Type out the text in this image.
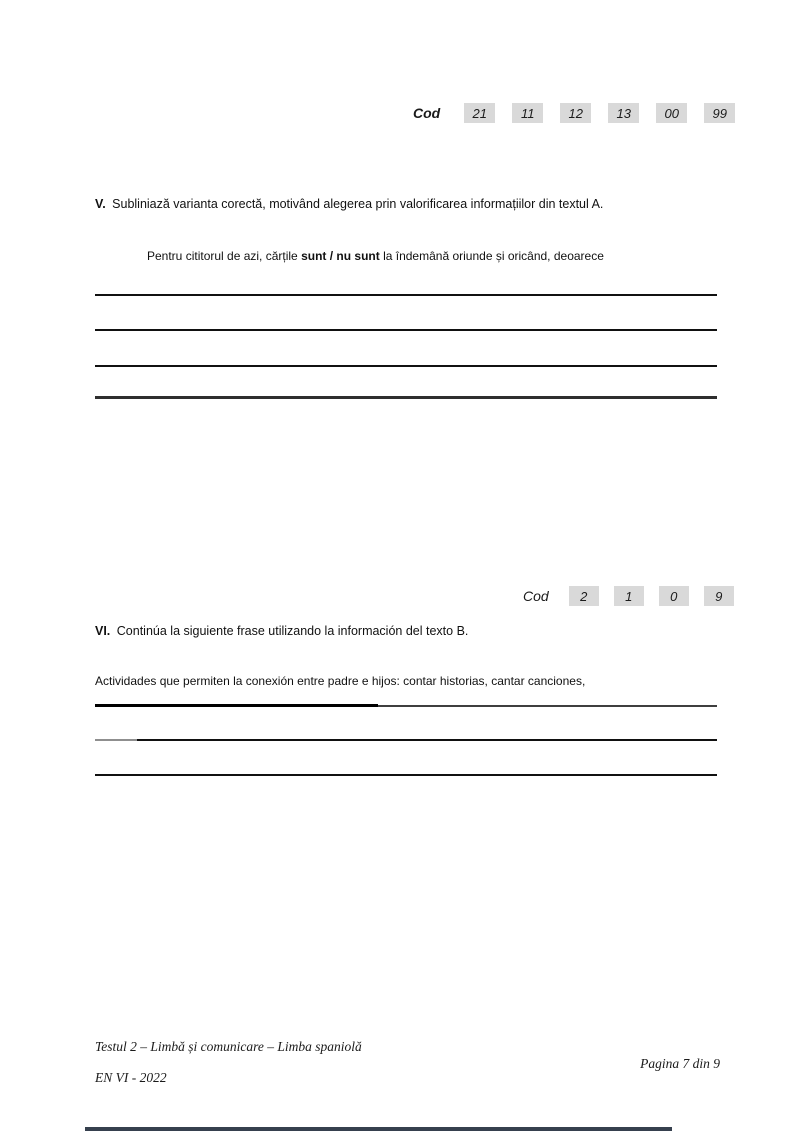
Cod	21	11	12	13	00	99
V. Subliniază varianta corectă, motivând alegerea prin valorificarea informațiilor din textul A.
Pentru cititorul de azi, cărțile sunt / nu sunt la îndemână oriunde și oricând, deoarece
Cod	2	1	0	9
VI. Continúa la siguiente frase utilizando la información del texto B.
Actividades que permiten la conexión entre padre e hijos: contar historias, cantar canciones,
Testul 2 – Limbă și comunicare – Limba spaniolă
Pagina 7 din 9
EN VI - 2022
